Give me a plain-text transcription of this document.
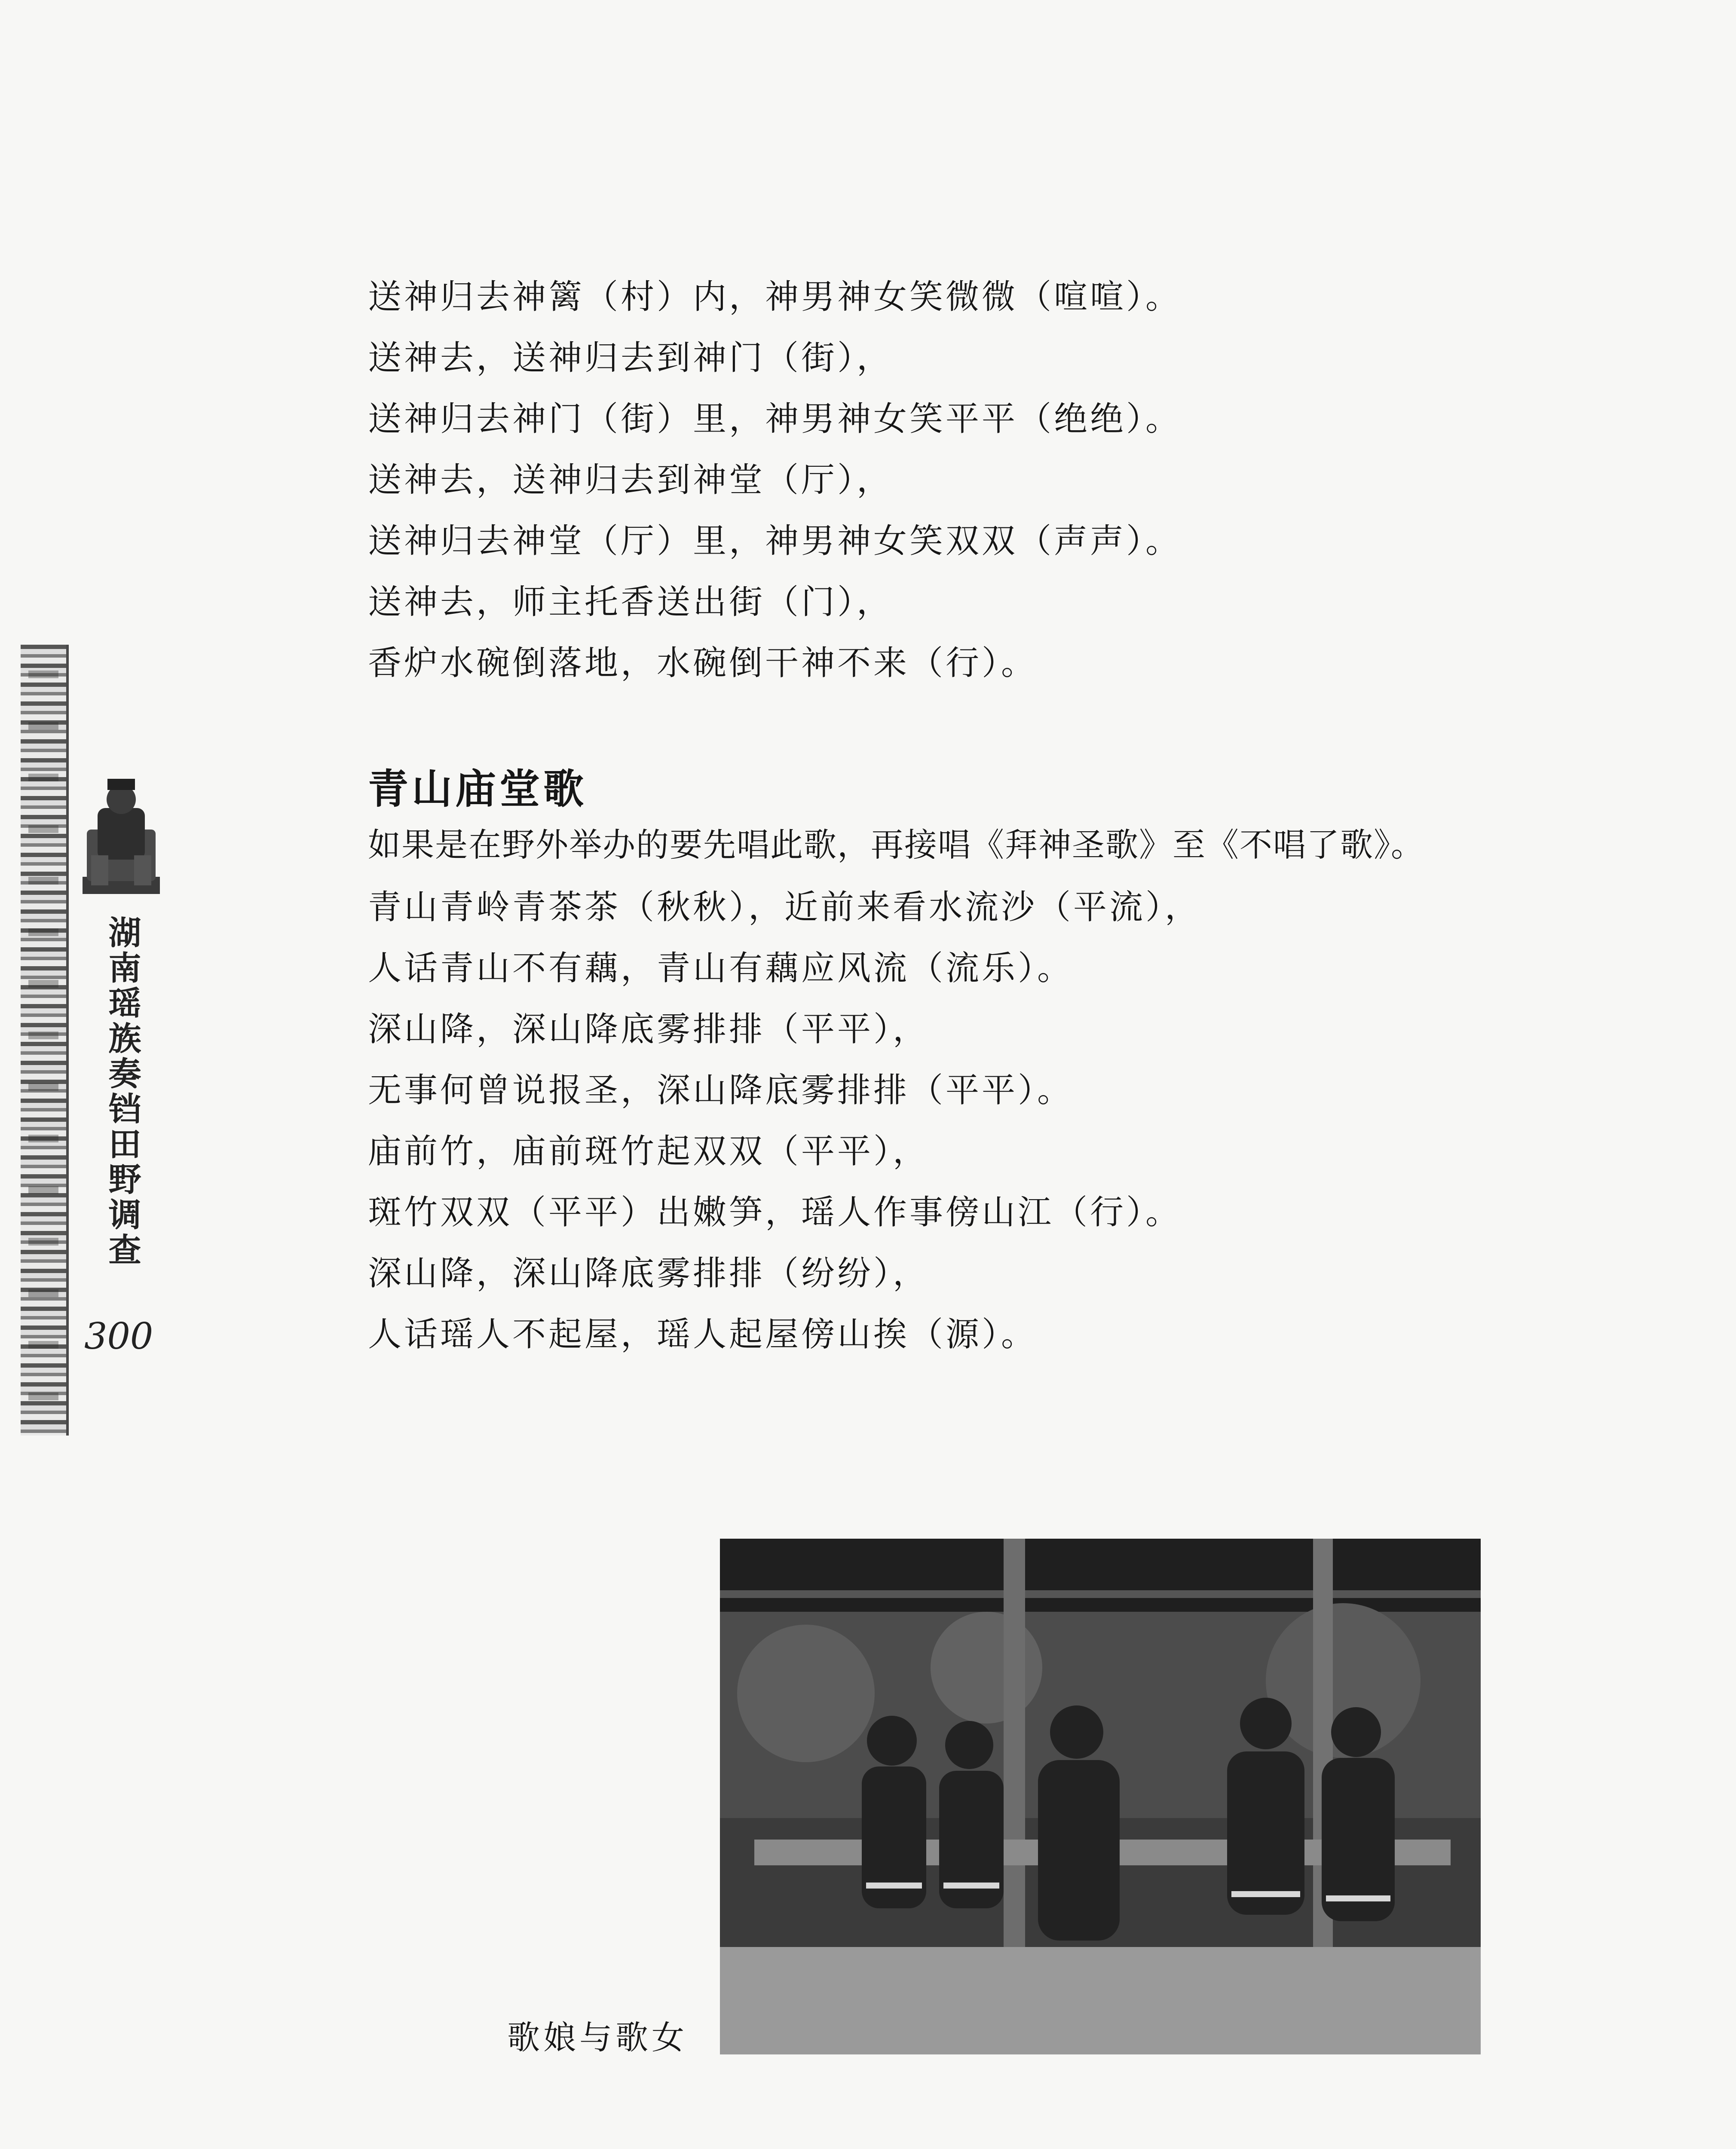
湖南瑶族奏铛田野调查
300

送神归去神篱（村）内，神男神女笑微微（喧喧）。

送神去，送神归去到神门（街），

送神归去神门（街）里，神男神女笑平平（绝绝）。

送神去，送神归去到神堂（厅），

送神归去神堂（厅）里，神男神女笑双双（声声）。

送神去，师主托香送出街（门），

香炉水碗倒落地，水碗倒干神不来（行）。

青山庙堂歌

如果是在野外举办的要先唱此歌，再接唱《拜神圣歌》至《不唱了歌》。

青山青岭青茶茶（秋秋），近前来看水流沙（平流），

人话青山不有藕，青山有藕应风流（流乐）。

深山降，深山降底雾排排（平平），

无事何曾说报圣，深山降底雾排排（平平）。

庙前竹，庙前斑竹起双双（平平），

斑竹双双（平平）出嫩笋，瑶人作事傍山江（行）。

深山降，深山降底雾排排（纷纷），

人话瑶人不起屋，瑶人起屋傍山挨（源）。

歌娘与歌女
